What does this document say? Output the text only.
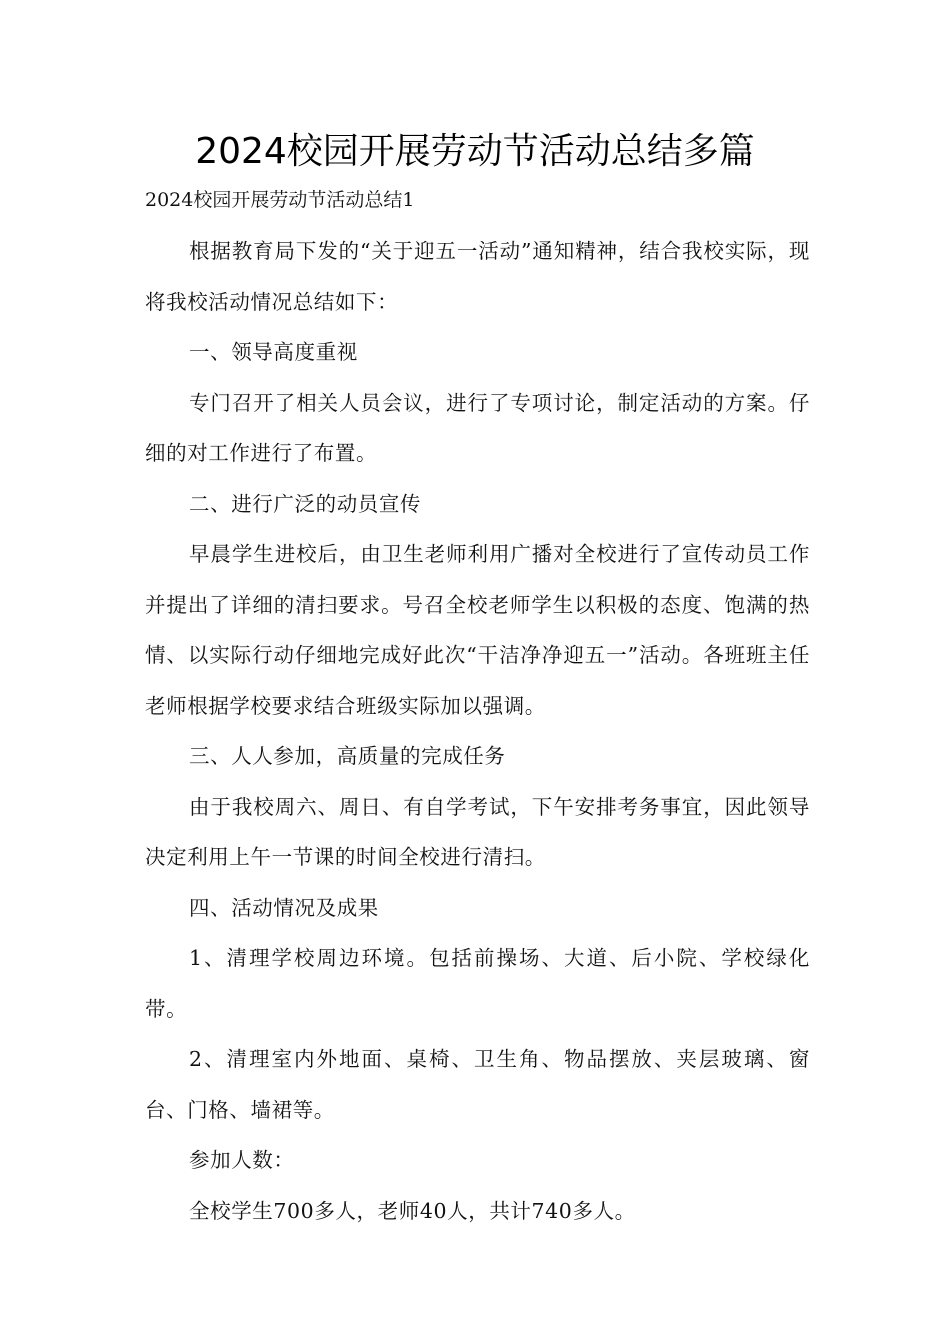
2024校园开展劳动节活动总结多篇
2024校园开展劳动节活动总结1

根据教育局下发的“关于迎五一活动”通知精神，结合我校实际，现将我校活动情况总结如下：

一、领导高度重视

专门召开了相关人员会议，进行了专项讨论，制定活动的方案。仔细的对工作进行了布置。

二、进行广泛的动员宣传

早晨学生进校后，由卫生老师利用广播对全校进行了宣传动员工作并提出了详细的清扫要求。号召全校老师学生以积极的态度、饱满的热情、以实际行动仔细地完成好此次“干洁净净迎五一”活动。各班班主任老师根据学校要求结合班级实际加以强调。

三、人人参加，高质量的完成任务

由于我校周六、周日、有自学考试，下午安排考务事宜，因此领导决定利用上午一节课的时间全校进行清扫。

四、活动情况及成果

1、清理学校周边环境。包括前操场、大道、后小院、学校绿化带。

2、清理室内外地面、桌椅、卫生角、物品摆放、夹层玻璃、窗台、门格、墙裙等。

参加人数：

全校学生700多人，老师40人，共计740多人。
